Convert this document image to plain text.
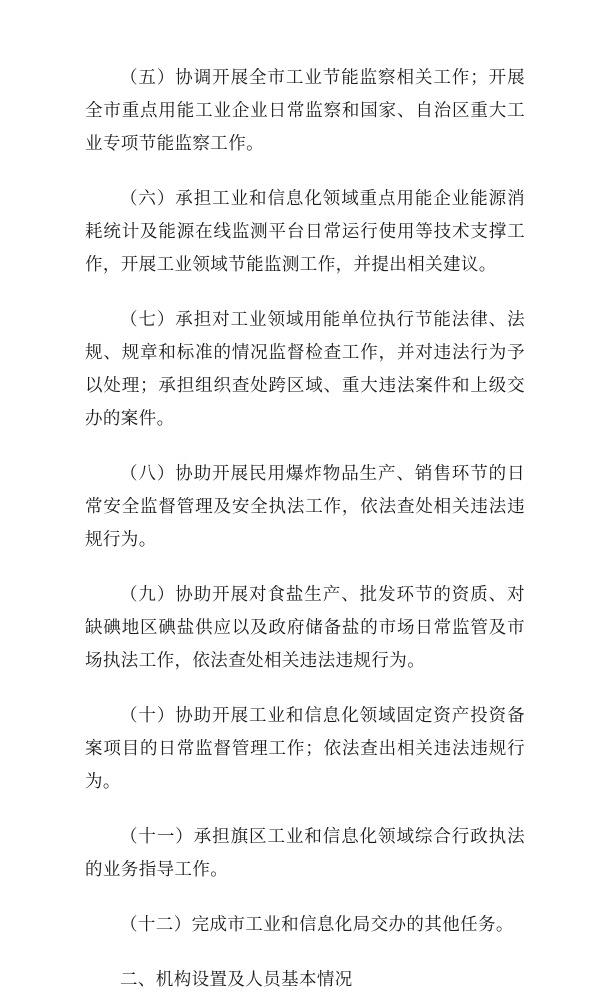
（五）协调开展全市工业节能监察相关工作；开展全市重点用能工业企业日常监察和国家、自治区重大工业专项节能监察工作。

（六）承担工业和信息化领域重点用能企业能源消耗统计及能源在线监测平台日常运行使用等技术支撑工作，开展工业领域节能监测工作，并提出相关建议。

（七）承担对工业领域用能单位执行节能法律、法规、规章和标准的情况监督检查工作，并对违法行为予以处理；承担组织查处跨区域、重大违法案件和上级交办的案件。

（八）协助开展民用爆炸物品生产、销售环节的日常安全监督管理及安全执法工作，依法查处相关违法违规行为。

（九）协助开展对食盐生产、批发环节的资质、对缺碘地区碘盐供应以及政府储备盐的市场日常监管及市场执法工作，依法查处相关违法违规行为。

（十）协助开展工业和信息化领域固定资产投资备案项目的日常监督管理工作；依法查出相关违法违规行为。

（十一）承担旗区工业和信息化领域综合行政执法的业务指导工作。

（十二）完成市工业和信息化局交办的其他任务。

二、机构设置及人员基本情况
